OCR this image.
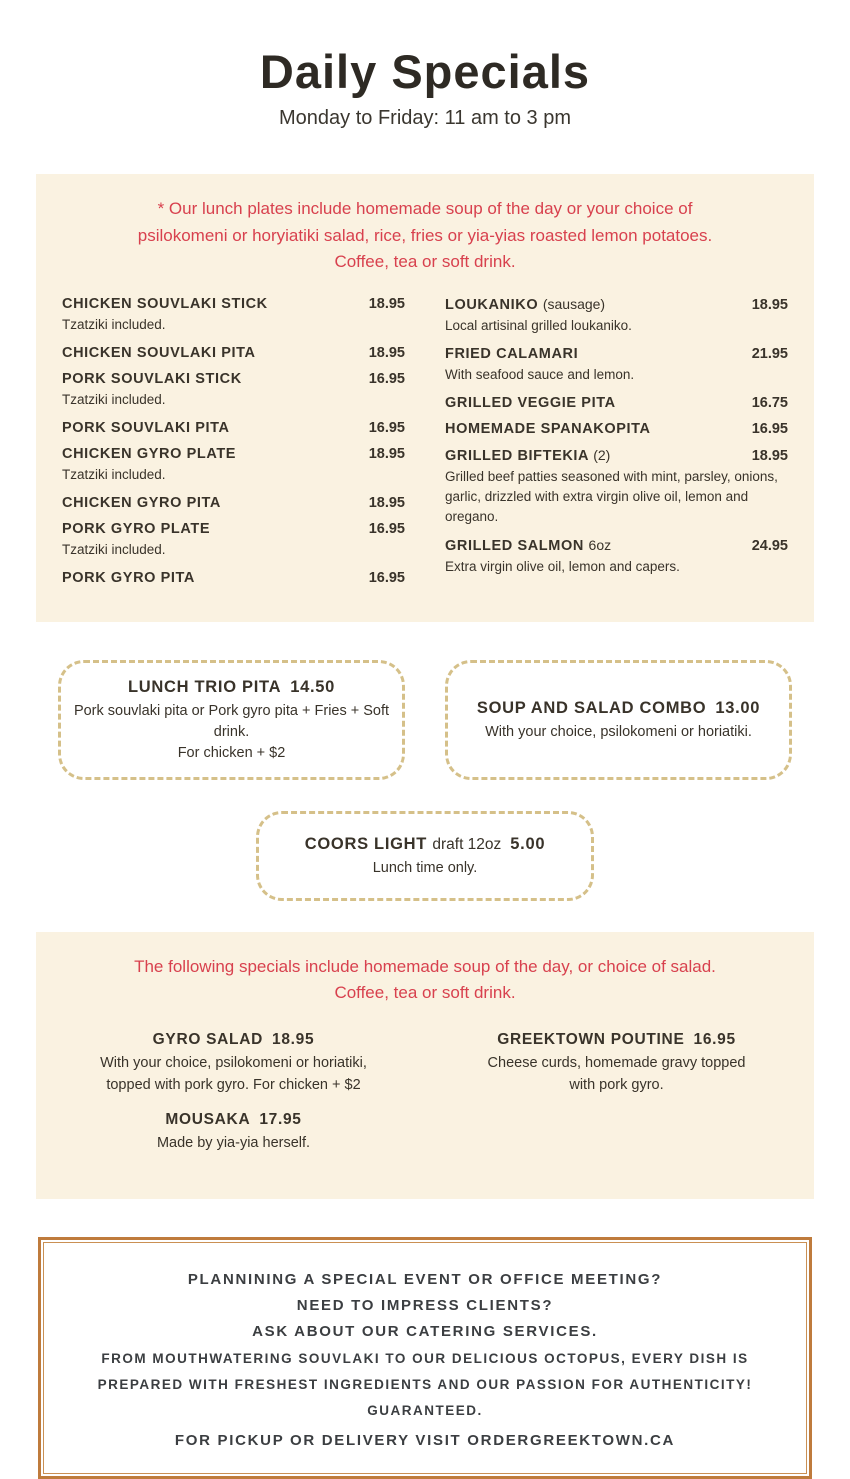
Daily Specials
Monday to Friday: 11 am to 3 pm
* Our lunch plates include homemade soup of the day or your choice of
psilokomeni or horyiatiki salad, rice, fries or yia-yias roasted lemon potatoes.
Coffee, tea or soft drink.
CHICKEN SOUVLAKI STICK	18.95
Tzatziki included.
CHICKEN SOUVLAKI PITA	18.95
PORK SOUVLAKI STICK	16.95
Tzatziki included.
PORK SOUVLAKI PITA	16.95
CHICKEN GYRO PLATE	18.95
Tzatziki included.
CHICKEN GYRO PITA	18.95
PORK GYRO PLATE	16.95
Tzatziki included.
PORK GYRO PITA	16.95
LOUKANIKO (sausage)	18.95
Local artisinal grilled loukaniko.
FRIED CALAMARI	21.95
With seafood sauce and lemon.
GRILLED VEGGIE PITA	16.75
HOMEMADE SPANAKOPITA	16.95
GRILLED BIFTEKIA (2)	18.95
Grilled beef patties seasoned with mint, parsley, onions, garlic, drizzled with extra virgin olive oil, lemon and oregano.
GRILLED SALMON 6oz	24.95
Extra virgin olive oil, lemon and capers.
LUNCH TRIO PITA 14.50
Pork souvlaki pita or Pork gyro pita + Fries + Soft drink.
For chicken + $2
SOUP AND SALAD COMBO 13.00
With your choice, psilokomeni or horiatiki.
COORS LIGHT draft 12oz 5.00
Lunch time only.
The following specials include homemade soup of the day, or choice of salad.
Coffee, tea or soft drink.
GYRO SALAD 18.95
With your choice, psilokomeni or horiatiki,
topped with pork gyro. For chicken + $2
MOUSAKA 17.95
Made by yia-yia herself.
GREEKTOWN POUTINE 16.95
Cheese curds, homemade gravy topped
with pork gyro.
PLANNINING A SPECIAL EVENT OR OFFICE MEETING?
NEED TO IMPRESS CLIENTS?
ASK ABOUT OUR CATERING SERVICES.
FROM MOUTHWATERING SOUVLAKI TO OUR DELICIOUS OCTOPUS, EVERY DISH IS
PREPARED WITH FRESHEST INGREDIENTS AND OUR PASSION FOR AUTHENTICITY!
GUARANTEED.
FOR PICKUP OR DELIVERY VISIT ORDERGREEKTOWN.CA
